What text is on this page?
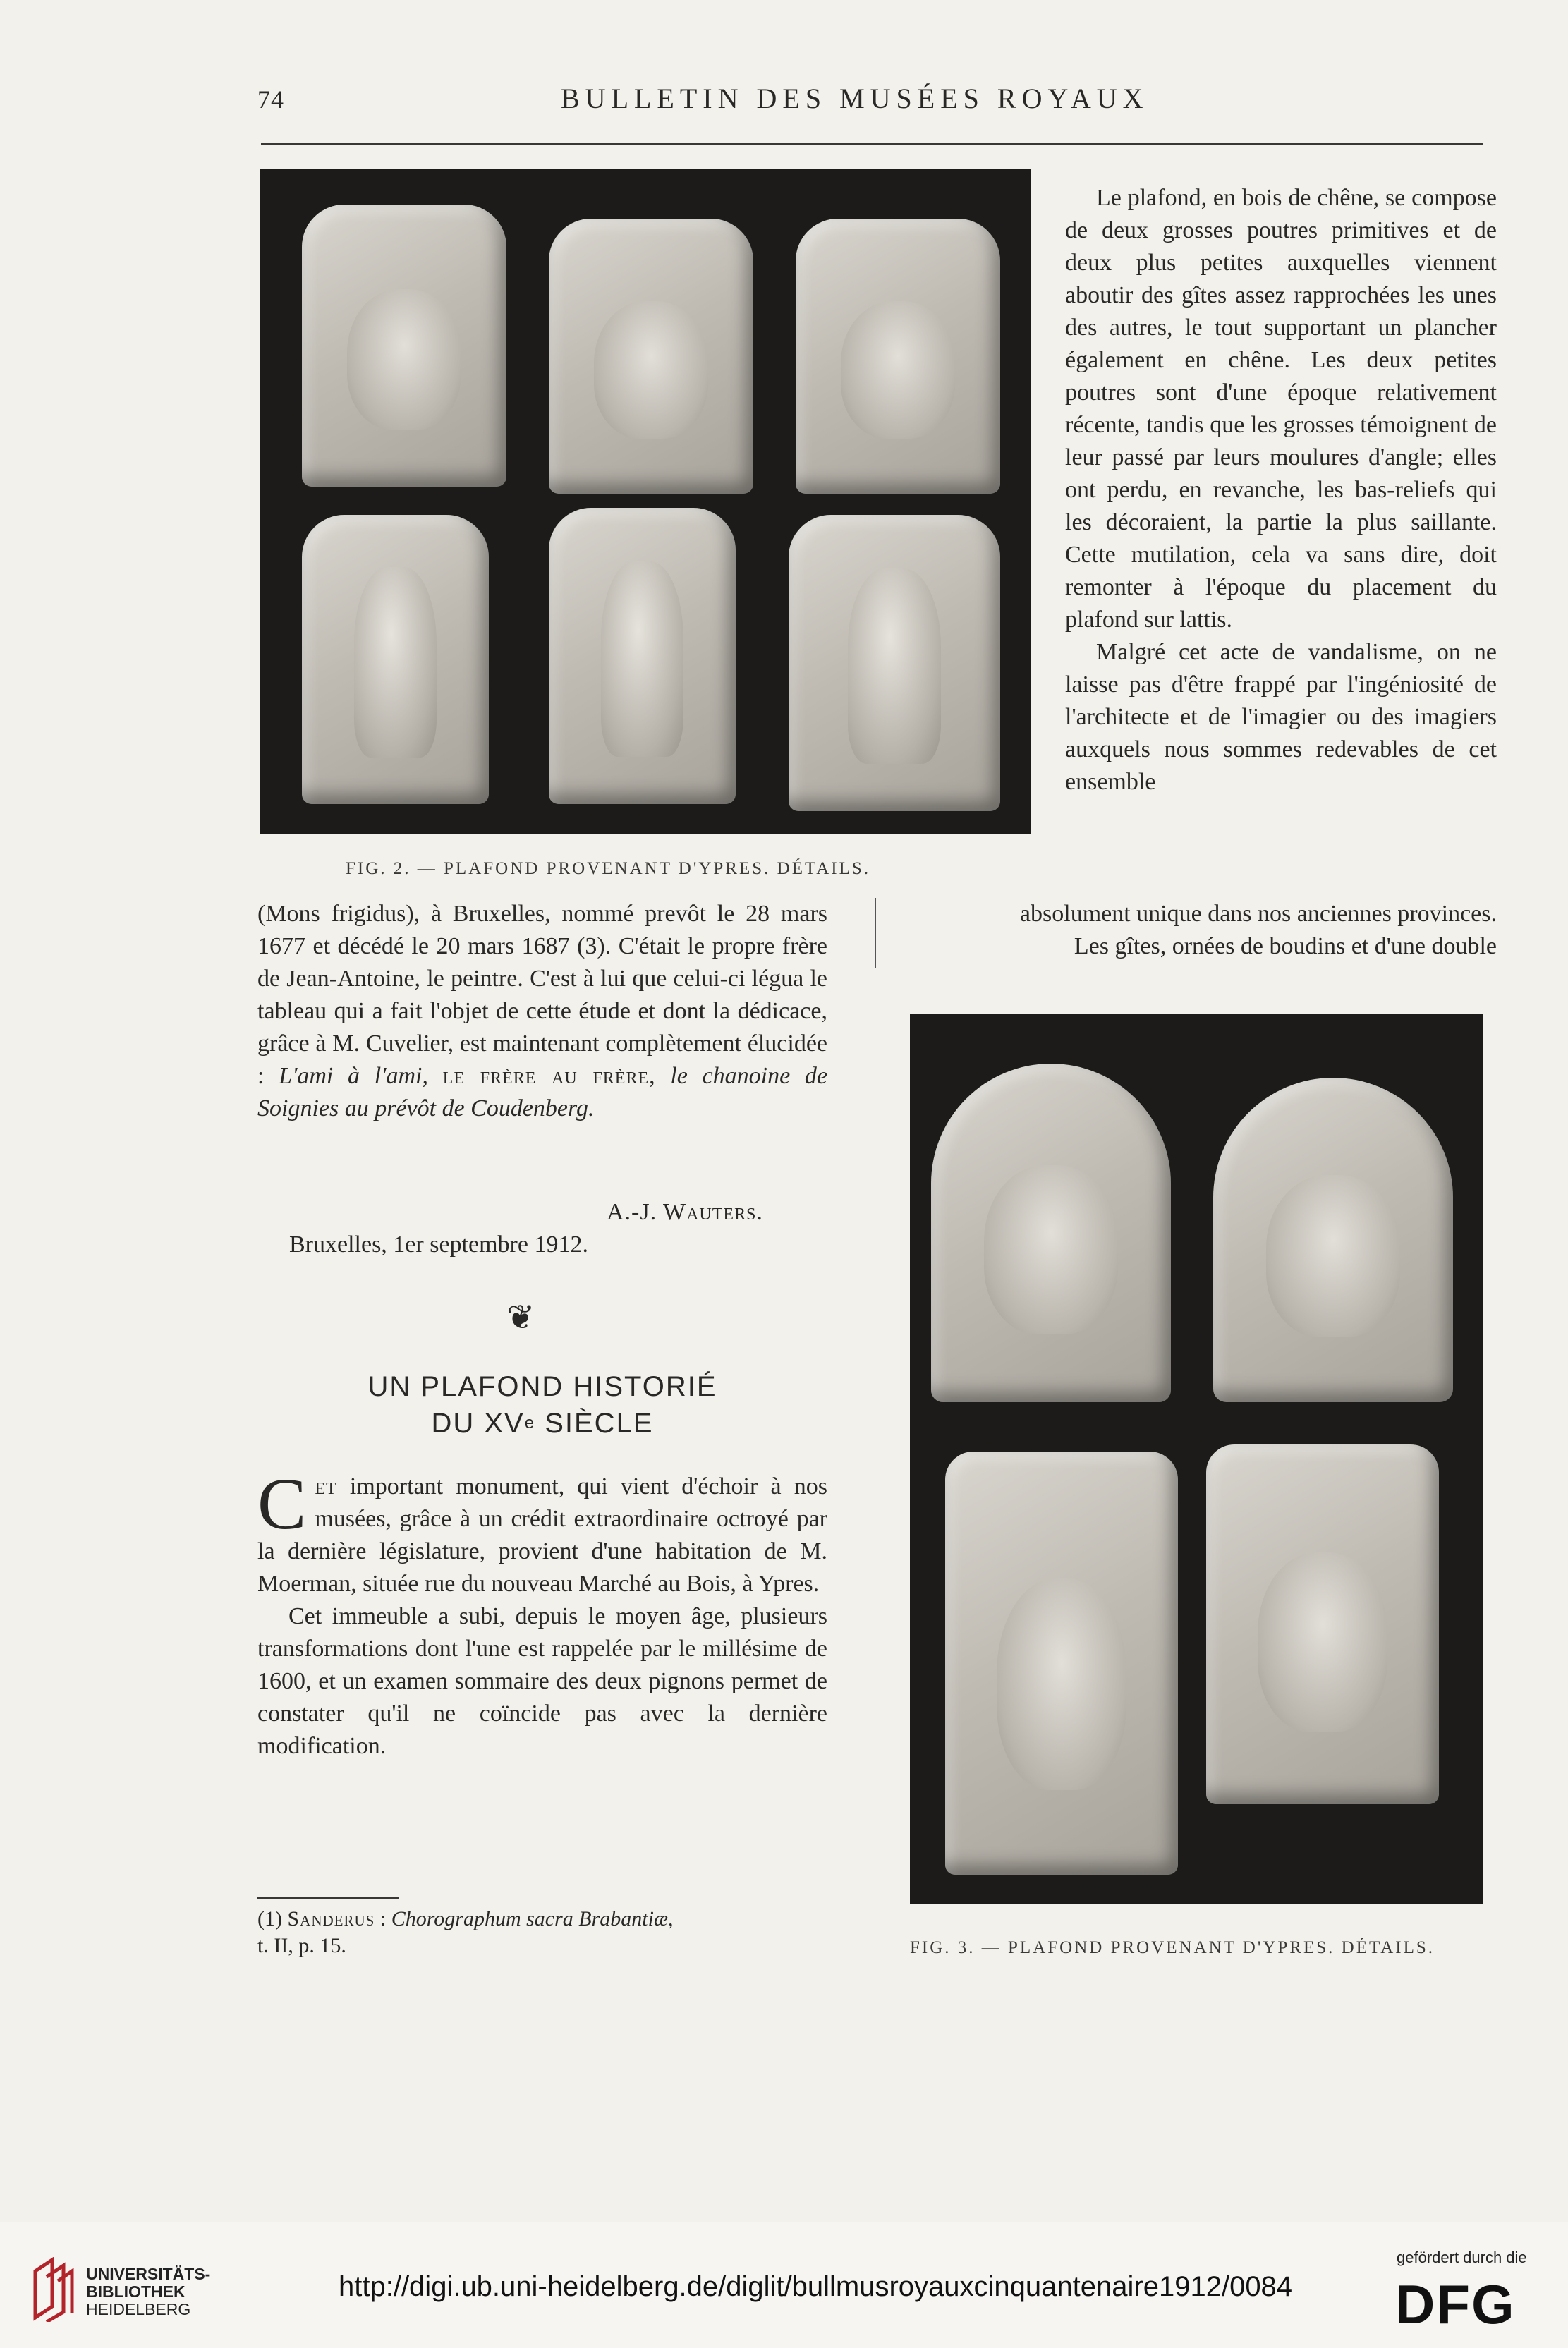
74	BULLETIN DES MUSÉES ROYAUX
FIG. 2. — PLAFOND PROVENANT D'YPRES. DÉTAILS.

Le plafond, en bois de chêne, se compose de deux grosses poutres primitives et de deux plus petites auxquelles viennent aboutir des gîtes assez rapprochées les unes des autres, le tout supportant un plancher également en chêne. Les deux petites poutres sont d'une époque relativement récente, tandis que les grosses témoignent de leur passé par leurs moulures d'angle; elles ont perdu, en revanche, les bas-reliefs qui les décoraient, la partie la plus saillante. Cette mutilation, cela va sans dire, doit remonter à l'époque du placement du plafond sur lattis.

Malgré cet acte de vandalisme, on ne laisse pas d'être frappé par l'ingéniosité de l'architecte et de l'imagier ou des imagiers auxquels nous sommes redevables de cet ensemble

absolument unique dans nos anciennes provinces.

Les gîtes, ornées de boudins et d'une double

(Mons frigidus), à Bruxelles, nommé prevôt le 28 mars 1677 et décédé le 20 mars 1687 (3). C'était le propre frère de Jean-Antoine, le peintre. C'est à lui que celui-ci légua le tableau qui a fait l'objet de cette étude et dont la dédicace, grâce à M. Cuvelier, est maintenant complètement élucidée : L'ami à l'ami, le frère au frère, le chanoine de Soignies au prévôt de Coudenberg.

A.-J. Wauters.
Bruxelles, 1er septembre 1912.
❦
UN PLAFOND HISTORIÉ
DU XVe SIÈCLE

Cet important monument, qui vient d'échoir à nos musées, grâce à un crédit extraordinaire octroyé par la dernière législature, provient d'une habitation de M. Moerman, située rue du nouveau Marché au Bois, à Ypres.

Cet immeuble a subi, depuis le moyen âge, plusieurs transformations dont l'une est rappelée par le millésime de 1600, et un examen sommaire des deux pignons permet de constater qu'il ne coïncide pas avec la dernière modification.

FIG. 3. — PLAFOND PROVENANT D'YPRES. DÉTAILS.

(1) Sanderus : Chorographum sacra Brabantiæ,

t. II, p. 15.

UNIVERSITÄTS-
BIBLIOTHEK
HEIDELBERG
http://digi.ub.uni-heidelberg.de/diglit/bullmusroyauxcinquantenaire1912/0084
gefördert durch die
DFG
